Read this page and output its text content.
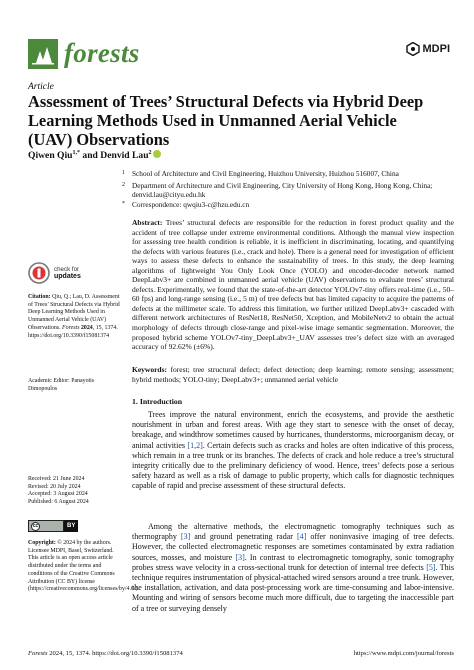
forests	MDPI
Article
Assessment of Trees’ Structural Defects via Hybrid Deep Learning Methods Used in Unmanned Aerial Vehicle (UAV) Observations
Qiwen Qiu$^{1,*}$ and Denvid Lau$^2$
1 School of Architecture and Civil Engineering, Huizhou University, Huizhou 516007, China
2 Department of Architecture and Civil Engineering, City University of Hong Kong, Hong Kong, China; denvid.lau@cityu.edu.hk
* Correspondence: qwqiu3-c@hzu.edu.cn
Abstract: Trees’ structural defects are responsible for the reduction in forest product quality and the accident of tree collapse under extreme environmental conditions. Although the manual view inspection for assessing tree health condition is reliable, it is inefficient in discriminating, locating, and quantifying the defects with various features (i.e., crack and hole). There is a general need for investigation of efficient ways to assess these defects to enhance the sustainability of trees. In this study, the deep learning algorithms of lightweight You Only Look Once (YOLO) and encoder-decoder network named DeepLabv3+ are combined in unmanned aerial vehicle (UAV) observations to evaluate trees’ structural defects. Experimentally, we found that the state-of-the-art detector YOLOv7-tiny offers real-time (i.e., 50–60 fps) and long-range sensing (i.e., 5 m) of tree defects but has limited capacity to acquire the patterns of defects at the millimeter scale. To address this limitation, we further utilized DeepLabv3+ cascaded with different network architectures of ResNet18, ResNet50, Xception, and MobileNetv2 to obtain the actual morphology of defects through close-range and pixel-wise image semantic segmentation. Moreover, the proposed hybrid scheme YOLOv7-tiny_DeepLabv3+_UAV assesses tree’s defect size with an averaged accuracy of 92.62% (±6%).
Keywords: forest; tree structural defect; defect detection; deep learning; remote sensing; assessment; hybrid methods; YOLO-tiny; DeepLabv3+; unmanned aerial vehicle
1. Introduction
Trees improve the natural environment, enrich the ecosystems, and provide the aesthetic nourishment in urban and forest areas. With age they start to senesce with the onset of decay, breakage, and windthrow sometimes caused by hurricanes, thunderstorms, microorganism decay, or animal activities [1,2]. Certain defects such as cracks and holes are often indicative of this process, which remain in a tree trunk or its branches. The defects of crack and hole reduce a tree’s structural integrity critically due to the preliminary deficiency of wood. Hence, trees’ defects pose a serious safety hazard as well as a risk of damage to public property, which calls for diagnostic techniques capable of rapid and precise assessment of these structural defects.
Among the alternative methods, the electromagnetic tomography techniques such as thermography [3] and ground penetrating radar [4] offer noninvasive imaging of tree defects. However, the collected electromagnetic responses are sometimes contaminated by extra radiation sources, mosses, and moisture [3]. In contrast to electromagnetic tomography, sonic tomography probes stress wave velocity in a cross-sectional trunk for detection of internal tree defects [5]. This technique requires instrumentation of physical-attached wired sensors around a tree trunk. However, the installation, activation, and data post-processing work are time-consuming and labor-intensive. Mounting and wiring of sensors become much more difficult, due to targeting the inaccessible part of a tree or surveying densely
check for
updates
Citation: Qiu, Q.; Lau, D. Assessment of Trees’ Structural Defects via Hybrid Deep Learning Methods Used in Unmanned Aerial Vehicle (UAV) Observations. Forests 2024, 15, 1374. https://doi.org/10.3390/f15081374
Academic Editor: Panayotis Dimopoulos
Received: 21 June 2024
Revised: 20 July 2024
Accepted: 3 August 2024
Published: 6 August 2024
cc	BY
Copyright: © 2024 by the authors. Licensee MDPI, Basel, Switzerland. This article is an open access article distributed under the terms and conditions of the Creative Commons Attribution (CC BY) license (https://creativecommons.org/licenses/by/4.0/).
Forests 2024, 15, 1374. https://doi.org/10.3390/f15081374	https://www.mdpi.com/journal/forests
